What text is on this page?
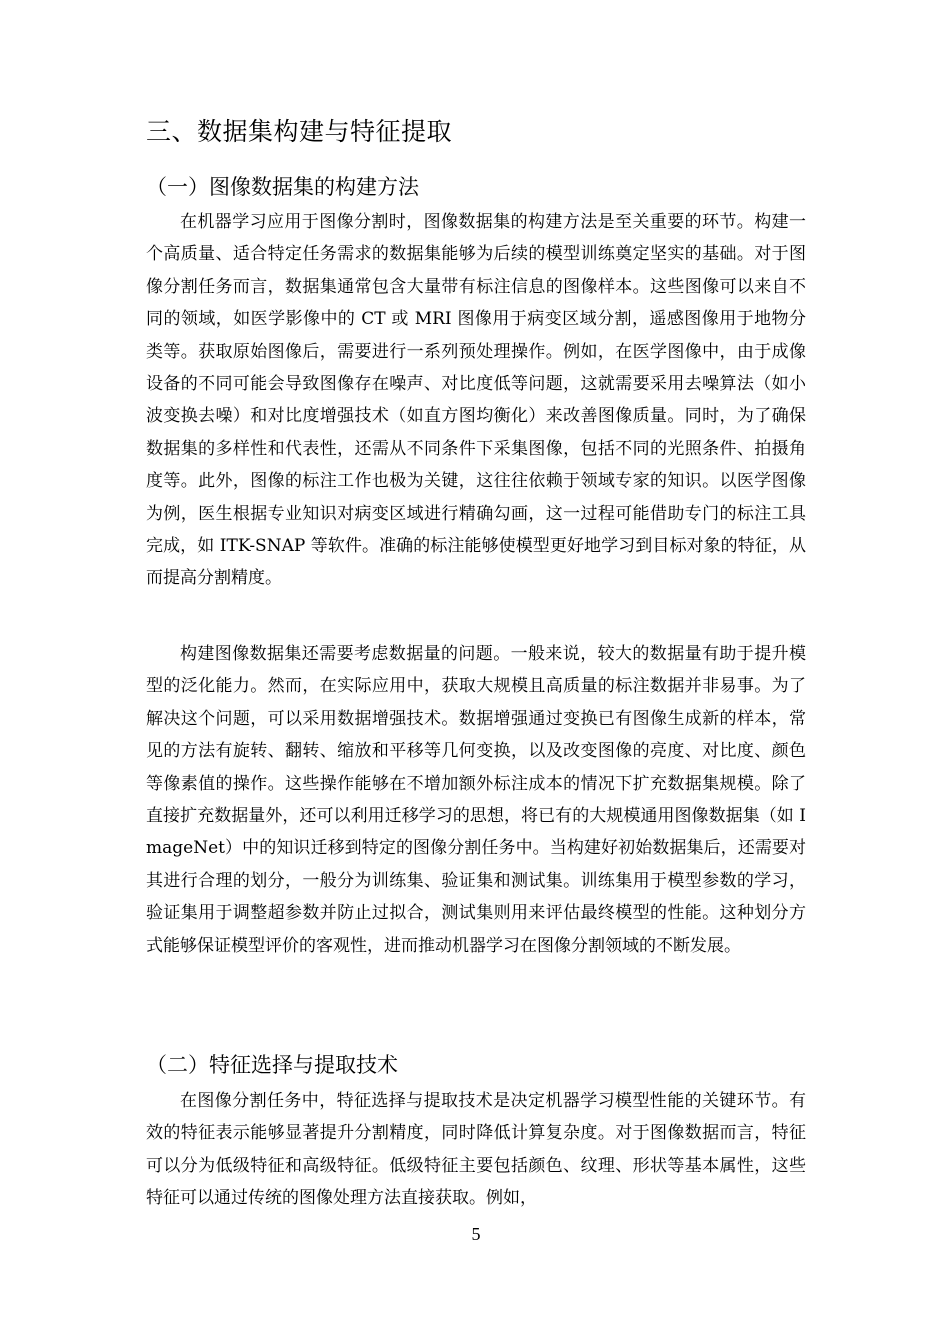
三、数据集构建与特征提取
（一）图像数据集的构建方法

在机器学习应用于图像分割时，图像数据集的构建方法是至关重要的环节。构建一个高质量、适合特定任务需求的数据集能够为后续的模型训练奠定坚实的基础。对于图像分割任务而言，数据集通常包含大量带有标注信息的图像样本。这些图像可以来自不同的领域，如医学影像中的 CT 或 MRI 图像用于病变区域分割，遥感图像用于地物分类等。获取原始图像后，需要进行一系列预处理操作。例如，在医学图像中，由于成像设备的不同可能会导致图像存在噪声、对比度低等问题，这就需要采用去噪算法（如小波变换去噪）和对比度增强技术（如直方图均衡化）来改善图像质量。同时，为了确保数据集的多样性和代表性，还需从不同条件下采集图像，包括不同的光照条件、拍摄角度等。此外，图像的标注工作也极为关键，这往往依赖于领域专家的知识。以医学图像为例，医生根据专业知识对病变区域进行精确勾画，这一过程可能借助专门的标注工具完成，如 ITK-SNAP 等软件。准确的标注能够使模型更好地学习到目标对象的特征，从而提高分割精度。

构建图像数据集还需要考虑数据量的问题。一般来说，较大的数据量有助于提升模型的泛化能力。然而，在实际应用中，获取大规模且高质量的标注数据并非易事。为了解决这个问题，可以采用数据增强技术。数据增强通过变换已有图像生成新的样本，常见的方法有旋转、翻转、缩放和平移等几何变换，以及改变图像的亮度、对比度、颜色等像素值的操作。这些操作能够在不增加额外标注成本的情况下扩充数据集规模。除了直接扩充数据量外，还可以利用迁移学习的思想，将已有的大规模通用图像数据集（如 ImageNet）中的知识迁移到特定的图像分割任务中。当构建好初始数据集后，还需要对其进行合理的划分，一般分为训练集、验证集和测试集。训练集用于模型参数的学习，验证集用于调整超参数并防止过拟合，测试集则用来评估最终模型的性能。这种划分方式能够保证模型评价的客观性，进而推动机器学习在图像分割领域的不断发展。

（二）特征选择与提取技术

在图像分割任务中，特征选择与提取技术是决定机器学习模型性能的关键环节。有效的特征表示能够显著提升分割精度，同时降低计算复杂度。对于图像数据而言，特征可以分为低级特征和高级特征。低级特征主要包括颜色、纹理、形状等基本属性，这些特征可以通过传统的图像处理方法直接获取。例如，

5
